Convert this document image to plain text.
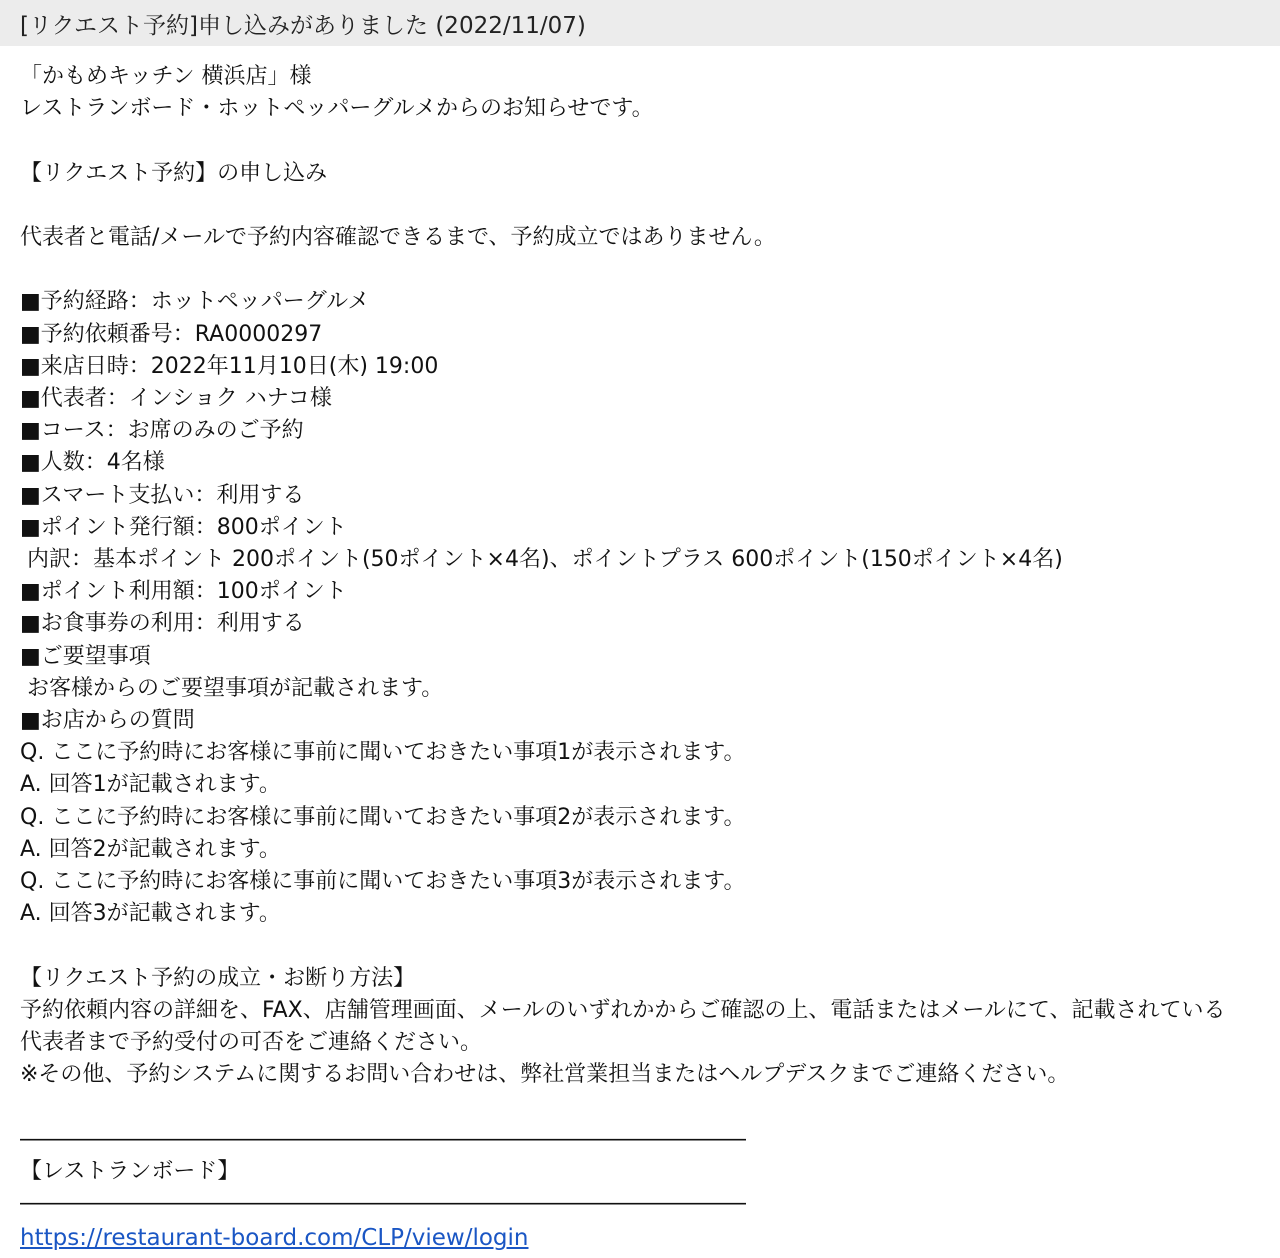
[リクエスト予約]申し込みがありました (2022/11/07)
「かもめキッチン 横浜店」様
レストランボード・ホットペッパーグルメからのお知らせです。
【リクエスト予約】の申し込み
代表者と電話/メールで予約内容確認できるまで、予約成立ではありません。
■予約経路：ホットペッパーグルメ
■予約依頼番号：RA0000297
■来店日時：2022年11月10日(木) 19:00
■代表者：インショク ハナコ様
■コース：お席のみのご予約
■人数：4名様
■スマート支払い：利用する
■ポイント発行額：800ポイント
内訳：基本ポイント 200ポイント(50ポイント×4名)、ポイントプラス 600ポイント(150ポイント×4名)
■ポイント利用額：100ポイント
■お食事券の利用：利用する
■ご要望事項
お客様からのご要望事項が記載されます。
■お店からの質問
Q. ここに予約時にお客様に事前に聞いておきたい事項1が表示されます。
A. 回答1が記載されます。
Q. ここに予約時にお客様に事前に聞いておきたい事項2が表示されます。
A. 回答2が記載されます。
Q. ここに予約時にお客様に事前に聞いておきたい事項3が表示されます。
A. 回答3が記載されます。
【リクエスト予約の成立・お断り方法】
予約依頼内容の詳細を、FAX、店舗管理画面、メールのいずれかからご確認の上、電話またはメールにて、記載されている
代表者まで予約受付の可否をご連絡ください。
※その他、予約システムに関するお問い合わせは、弊社営業担当またはヘルプデスクまでご連絡ください。
―――――――――――――――――――――――――――――――――
【レストランボード】
―――――――――――――――――――――――――――――――――
https://restaurant-board.com/CLP/view/login
